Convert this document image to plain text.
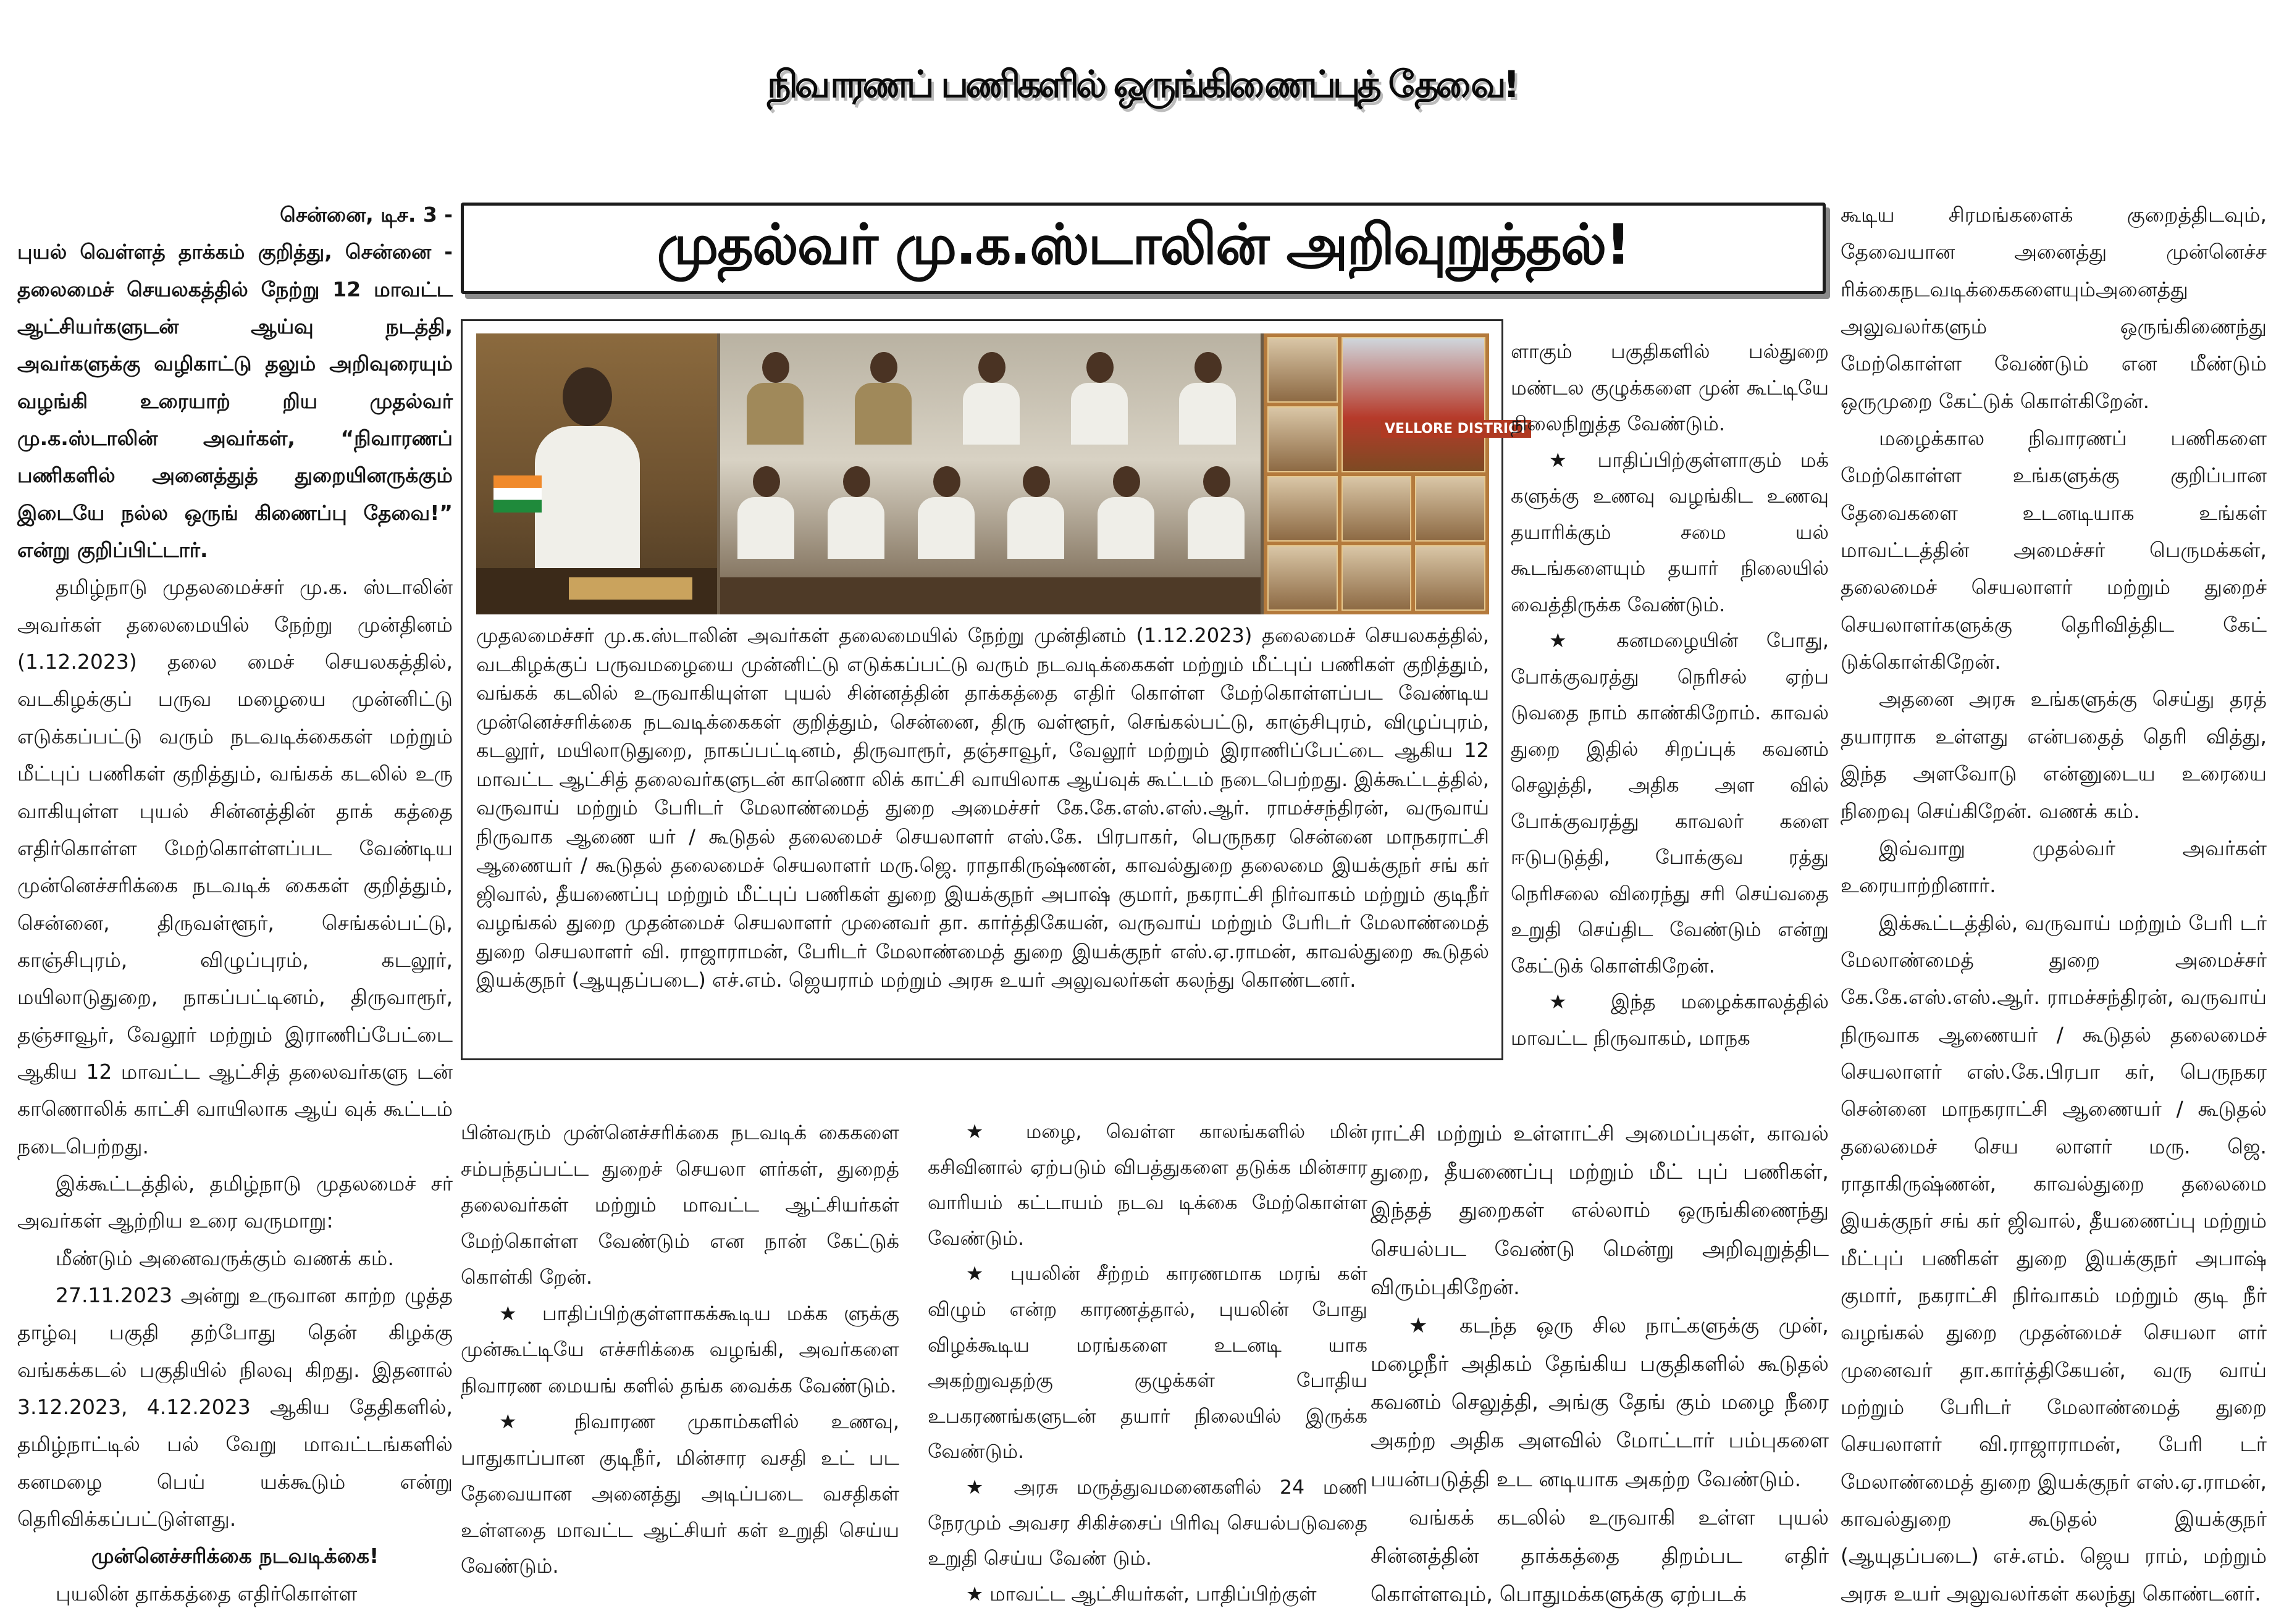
நிவாரணப் பணிகளில் ஒருங்கிணைப்புத் தேவை!

சென்னை, டிச. 3 -

புயல் வெள்ளத் தாக்கம் குறித்து, சென்னை - தலைமைச் செயலகத்தில் நேற்று 12 மாவட்ட ஆட்சியர்களுடன் ஆய்வு நடத்தி, அவர்களுக்கு வழிகாட்டு தலும் அறிவுரையும் வழங்கி உரையாற் றிய முதல்வர் மு.க.ஸ்டாலின் அவர்கள், “நிவாரணப் பணிகளில் அனைத்துத் துறையினருக்கும் இடையே நல்ல ஒருங் கிணைப்பு தேவை!” என்று குறிப்பிட்டார்.

தமிழ்நாடு முதலமைச்சர் மு.க. ஸ்டாலின் அவர்கள் தலைமையில் நேற்று முன்தினம் (1.12.2023) தலை மைச் செயலகத்தில், வடகிழக்குப் பருவ மழையை முன்னிட்டு எடுக்கப்பட்டு வரும் நடவடிக்கைகள் மற்றும் மீட்புப் பணிகள் குறித்தும், வங்கக் கடலில் உரு வாகியுள்ள புயல் சின்னத்தின் தாக் கத்தை எதிர்கொள்ள மேற்கொள்ளப்பட வேண்டிய முன்னெச்சரிக்கை நடவடிக் கைகள் குறித்தும், சென்னை, திருவள்ளூர், செங்கல்பட்டு, காஞ்சிபுரம், விழுப்புரம், கடலூர், மயிலாடுதுறை, நாகப்பட்டினம், திருவாரூர், தஞ்சாவூர், வேலூர் மற்றும் இராணிப்பேட்டை ஆகிய 12 மாவட்ட ஆட்சித் தலைவர்களு டன் காணொலிக் காட்சி வாயிலாக ஆய் வுக் கூட்டம் நடைபெற்றது.

இக்கூட்டத்தில், தமிழ்நாடு முதலமைச் சர் அவர்கள் ஆற்றிய உரை வருமாறு:

மீண்டும் அனைவருக்கும் வணக் கம்.

27.11.2023 அன்று உருவான காற்ற ழுத்த தாழ்வு பகுதி தற்போது தென் கிழக்கு வங்கக்கடல் பகுதியில் நிலவு கிறது. இதனால் 3.12.2023, 4.12.2023 ஆகிய தேதிகளில், தமிழ்நாட்டில் பல் வேறு மாவட்டங்களில் கனமழை பெய் யக்கூடும் என்று தெரிவிக்கப்பட்டுள்ளது.

முன்னெச்சரிக்கை நடவடிக்கை!

புயலின் தாக்கத்தை எதிர்கொள்ள

முதல்வர் மு.க.ஸ்டாலின் அறிவுறுத்தல்!
VELLORE DISTRICT

முதலமைச்சர் மு.க.ஸ்டாலின் அவர்கள் தலைமையில் நேற்று முன்தினம் (1.12.2023) தலைமைச் செயலகத்தில், வடகிழக்குப் பருவமழையை முன்னிட்டு எடுக்கப்பட்டு வரும் நடவடிக்கைகள் மற்றும் மீட்புப் பணிகள் குறித்தும், வங்கக் கடலில் உருவாகியுள்ள புயல் சின்னத்தின் தாக்கத்தை எதிர் கொள்ள மேற்கொள்ளப்பட வேண்டிய முன்னெச்சரிக்கை நடவடிக்கைகள் குறித்தும், சென்னை, திரு வள்ளூர், செங்கல்பட்டு, காஞ்சிபுரம், விழுப்புரம், கடலூர், மயிலாடுதுறை, நாகப்பட்டினம், திருவாரூர், தஞ்சாவூர், வேலூர் மற்றும் இராணிப்பேட்டை ஆகிய 12 மாவட்ட ஆட்சித் தலைவர்களுடன் காணொ லிக் காட்சி வாயிலாக ஆய்வுக் கூட்டம் நடைபெற்றது. இக்கூட்டத்தில், வருவாய் மற்றும் பேரிடர் மேலாண்மைத் துறை அமைச்சர் கே.கே.எஸ்.எஸ்.ஆர். ராமச்சந்திரன், வருவாய் நிருவாக ஆணை யர் / கூடுதல் தலைமைச் செயலாளர் எஸ்.கே. பிரபாகர், பெருநகர சென்னை மாநகராட்சி ஆணையர் / கூடுதல் தலைமைச் செயலாளர் மரு.ஜெ. ராதாகிருஷ்ணன், காவல்துறை தலைமை இயக்குநர் சங் கர் ஜிவால், தீயணைப்பு மற்றும் மீட்புப் பணிகள் துறை இயக்குநர் அபாஷ் குமார், நகராட்சி நிர்வாகம் மற்றும் குடிநீர் வழங்கல் துறை முதன்மைச் செயலாளர் முனைவர் தா. கார்த்திகேயன், வருவாய் மற்றும் பேரிடர் மேலாண்மைத் துறை செயலாளர் வி. ராஜாராமன், பேரிடர் மேலாண்மைத் துறை இயக்குநர் எஸ்.ஏ.ராமன், காவல்துறை கூடுதல் இயக்குநர் (ஆயுதப்படை) எச்.எம். ஜெயராம் மற்றும் அரசு உயர் அலுவலர்கள் கலந்து கொண்டனர்.

பின்வரும் முன்னெச்சரிக்கை நடவடிக் கைகளை சம்பந்தப்பட்ட துறைச் செயலா ளர்கள், துறைத் தலைவர்கள் மற்றும் மாவட்ட ஆட்சியர்கள் மேற்கொள்ள வேண்டும் என நான் கேட்டுக் கொள்கி றேன்.

★ பாதிப்பிற்குள்ளாகக்கூடிய மக்க ளுக்கு முன்கூட்டியே எச்சரிக்கை வழங்கி, அவர்களை நிவாரண மையங் களில் தங்க வைக்க வேண்டும்.

★ நிவாரண முகாம்களில் உணவு, பாதுகாப்பான குடிநீர், மின்சார வசதி உட் பட தேவையான அனைத்து அடிப்படை வசதிகள் உள்ளதை மாவட்ட ஆட்சியர் கள் உறுதி செய்ய வேண்டும்.

★ மழை, வெள்ள காலங்களில் மின் கசிவினால் ஏற்படும் விபத்துகளை தடுக்க மின்சார வாரியம் கட்டாயம் நடவ டிக்கை மேற்கொள்ள வேண்டும்.

★ புயலின் சீற்றம் காரணமாக மரங் கள் விழும் என்ற காரணத்தால், புயலின் போது விழக்கூடிய மரங்களை உடனடி யாக அகற்றுவதற்கு குழுக்கள் போதிய உபகரணங்களுடன் தயார் நிலையில் இருக்க வேண்டும்.

★ அரசு மருத்துவமனைகளில் 24 மணி நேரமும் அவசர சிகிச்சைப் பிரிவு செயல்படுவதை உறுதி செய்ய வேண் டும்.

★ மாவட்ட ஆட்சியர்கள், பாதிப்பிற்குள்

ளாகும் பகுதிகளில் பல்துறை மண்டல குழுக்களை முன் கூட்டியே நிலைநிறுத்த வேண்டும்.

★ பாதிப்பிற்குள்ளாகும் மக் களுக்கு உணவு வழங்கிட உணவு தயாரிக்கும் சமை யல் கூடங்களையும் தயார் நிலையில் வைத்திருக்க வேண்டும்.

★ கனமழையின் போது, போக்குவரத்து நெரிசல் ஏற்ப டுவதை நாம் காண்கிறோம். காவல் துறை இதில் சிறப்புக் கவனம் செலுத்தி, அதிக அள வில் போக்குவரத்து காவலர் களை ஈடுபடுத்தி, போக்குவ ரத்து நெரிசலை விரைந்து சரி செய்வதை உறுதி செய்திட வேண்டும் என்று கேட்டுக் கொள்கிறேன்.

★ இந்த மழைக்காலத்தில் மாவட்ட நிருவாகம், மாநக

ராட்சி மற்றும் உள்ளாட்சி அமைப்புகள், காவல் துறை, தீயணைப்பு மற்றும் மீட் புப் பணிகள், இந்தத் துறைகள் எல்லாம் ஒருங்கிணைந்து செயல்பட வேண்டு மென்று அறிவுறுத்திட விரும்புகிறேன்.

★ கடந்த ஒரு சில நாட்களுக்கு முன், மழைநீர் அதிகம் தேங்கிய பகுதிகளில் கூடுதல் கவனம் செலுத்தி, அங்கு தேங் கும் மழை நீரை அகற்ற அதிக அளவில் மோட்டார் பம்புகளை பயன்படுத்தி உட னடியாக அகற்ற வேண்டும்.

வங்கக் கடலில் உருவாகி உள்ள புயல் சின்னத்தின் தாக்கத்தை திறம்பட எதிர் கொள்ளவும், பொதுமக்களுக்கு ஏற்படக்

கூடிய சிரமங்களைக் குறைத்திடவும், தேவையான அனைத்து முன்னெச்ச ரிக்கைநடவடிக்கைகளையும்அனைத்து அலுவலர்களும் ஒருங்கிணைந்து மேற்கொள்ள வேண்டும் என மீண்டும் ஒருமுறை கேட்டுக் கொள்கிறேன்.

மழைக்கால நிவாரணப் பணிகளை மேற்கொள்ள உங்களுக்கு குறிப்பான தேவைகளை உடனடியாக உங்கள் மாவட்டத்தின் அமைச்சர் பெருமக்கள், தலைமைச் செயலாளர் மற்றும் துறைச் செயலாளர்களுக்கு தெரிவித்திட கேட் டுக்கொள்கிறேன்.

அதனை அரசு உங்களுக்கு செய்து தரத் தயாராக உள்ளது என்பதைத் தெரி வித்து, இந்த அளவோடு என்னுடைய உரையை நிறைவு செய்கிறேன். வணக் கம்.

இவ்வாறு முதல்வர் அவர்கள் உரையாற்றினார்.

இக்கூட்டத்தில், வருவாய் மற்றும் பேரி டர் மேலாண்மைத் துறை அமைச்சர் கே.கே.எஸ்.எஸ்.ஆர். ராமச்சந்திரன், வருவாய் நிருவாக ஆணையர் / கூடுதல் தலைமைச் செயலாளர் எஸ்.கே.பிரபா கர், பெருநகர சென்னை மாநகராட்சி ஆணையர் / கூடுதல் தலைமைச் செய லாளர் மரு. ஜெ. ராதாகிருஷ்ணன், காவல்துறை தலைமை இயக்குநர் சங் கர் ஜிவால், தீயணைப்பு மற்றும் மீட்புப் பணிகள் துறை இயக்குநர் அபாஷ் குமார், நகராட்சி நிர்வாகம் மற்றும் குடி நீர் வழங்கல் துறை முதன்மைச் செயலா ளர் முனைவர் தா.கார்த்திகேயன், வரு வாய் மற்றும் பேரிடர் மேலாண்மைத் துறை செயலாளர் வி.ராஜாராமன், பேரி டர் மேலாண்மைத் துறை இயக்குநர் எஸ்.ஏ.ராமன், காவல்துறை கூடுதல் இயக்குநர் (ஆயுதப்படை) எச்.எம். ஜெய ராம், மற்றும் அரசு உயர் அலுவலர்கள் கலந்து கொண்டனர்.
